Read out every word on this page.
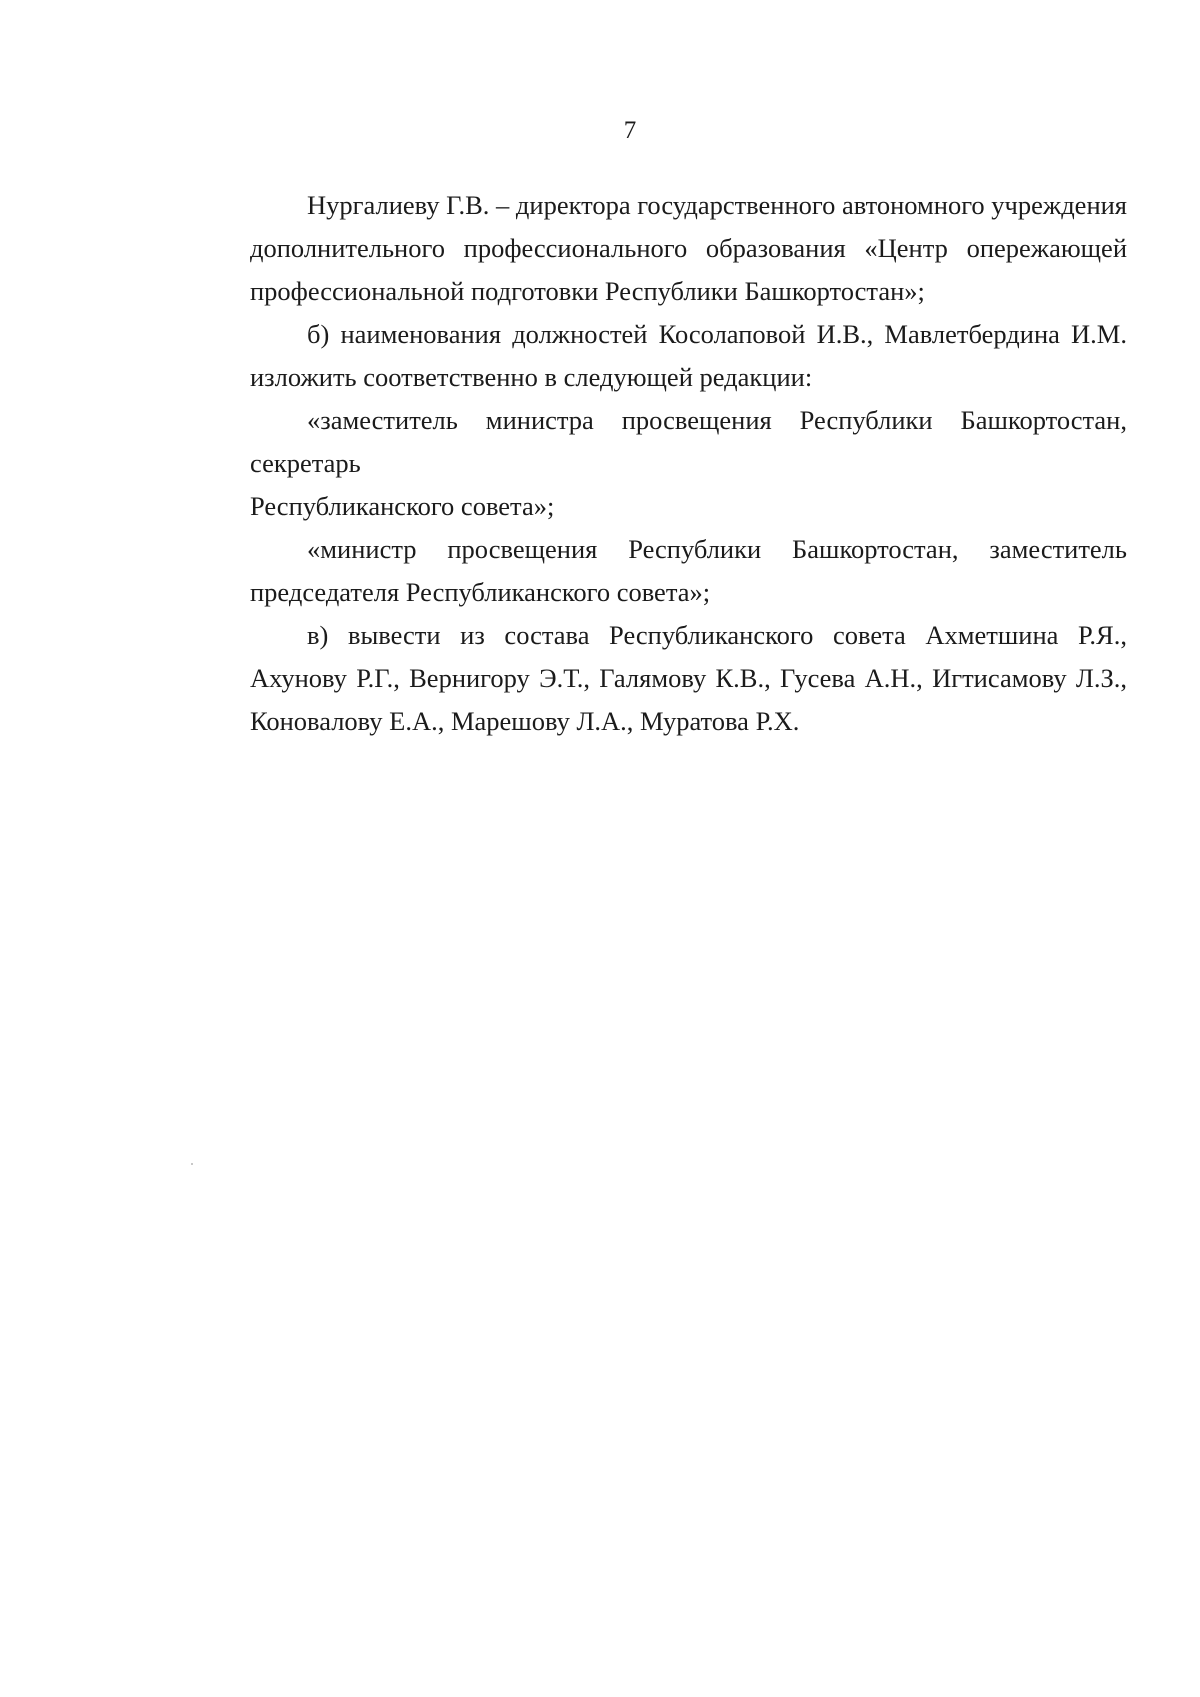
7
Нургалиеву Г.В. – директора государственного автономного учреждения
дополнительного профессионального образования «Центр опережающей
профессиональной подготовки Республики Башкортостан»;
б) наименования должностей Косолаповой И.В., Мавлетбердина И.М.
изложить соответственно в следующей редакции:
«заместитель министра просвещения Республики Башкортостан, секретарь
Республиканского совета»;
«министр просвещения Республики Башкортостан, заместитель
председателя Республиканского совета»;
в) вывести из состава Республиканского совета Ахметшина Р.Я.,
Ахунову Р.Г., Вернигору Э.Т., Галямову К.В., Гусева А.Н., Игтисамову Л.З.,
Коновалову Е.А., Марешову Л.А., Муратова Р.Х.
